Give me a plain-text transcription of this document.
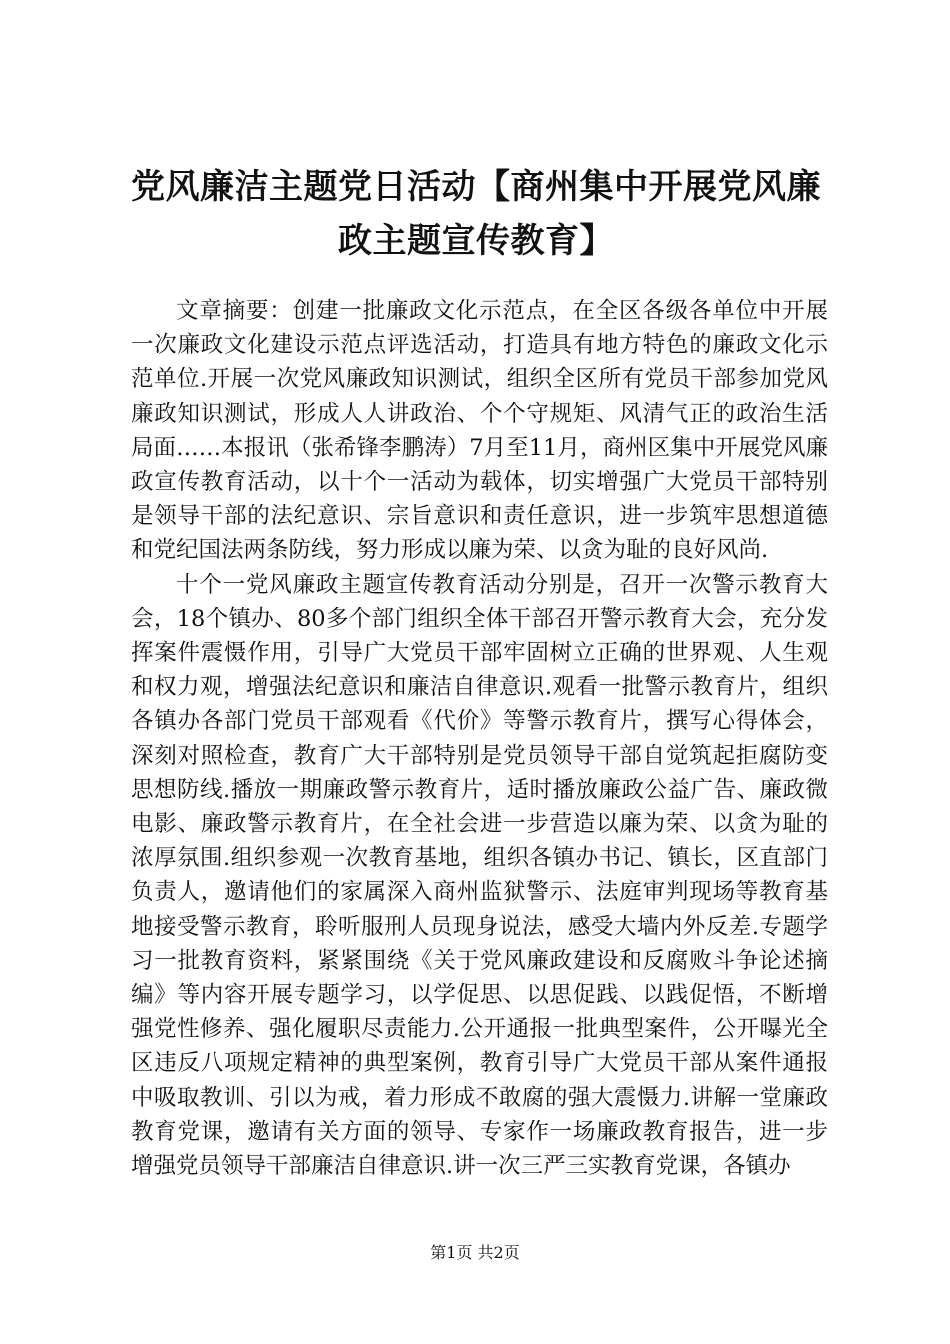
党风廉洁主题党日活动【商州集中开展党风廉政主题宣传教育】

文章摘要：创建一批廉政文化示范点，在全区各级各单位中开展一次廉政文化建设示范点评选活动，打造具有地方特色的廉政文化示范单位.开展一次党风廉政知识测试，组织全区所有党员干部参加党风廉政知识测试，形成人人讲政治、个个守规矩、风清气正的政治生活局面……本报讯（张希锋李鹏涛）7月至11月，商州区集中开展党风廉政宣传教育活动，以十个一活动为载体，切实增强广大党员干部特别是领导干部的法纪意识、宗旨意识和责任意识，进一步筑牢思想道德和党纪国法两条防线，努力形成以廉为荣、以贪为耻的良好风尚.

十个一党风廉政主题宣传教育活动分别是，召开一次警示教育大会，18个镇办、80多个部门组织全体干部召开警示教育大会，充分发挥案件震慑作用，引导广大党员干部牢固树立正确的世界观、人生观和权力观，增强法纪意识和廉洁自律意识.观看一批警示教育片，组织各镇办各部门党员干部观看《代价》等警示教育片，撰写心得体会，深刻对照检查，教育广大干部特别是党员领导干部自觉筑起拒腐防变思想防线.播放一期廉政警示教育片，适时播放廉政公益广告、廉政微电影、廉政警示教育片，在全社会进一步营造以廉为荣、以贪为耻的浓厚氛围.组织参观一次教育基地，组织各镇办书记、镇长，区直部门负责人，邀请他们的家属深入商州监狱警示、法庭审判现场等教育基地接受警示教育，聆听服刑人员现身说法，感受大墙内外反差.专题学习一批教育资料，紧紧围绕《关于党风廉政建设和反腐败斗争论述摘编》等内容开展专题学习，以学促思、以思促践、以践促悟，不断增强党性修养、强化履职尽责能力.公开通报一批典型案件，公开曝光全区违反八项规定精神的典型案例，教育引导广大党员干部从案件通报中吸取教训、引以为戒，着力形成不敢腐的强大震慑力.讲解一堂廉政教育党课，邀请有关方面的领导、专家作一场廉政教育报告，进一步增强党员领导干部廉洁自律意识.讲一次三严三实教育党课，各镇办

第1页 共2页
